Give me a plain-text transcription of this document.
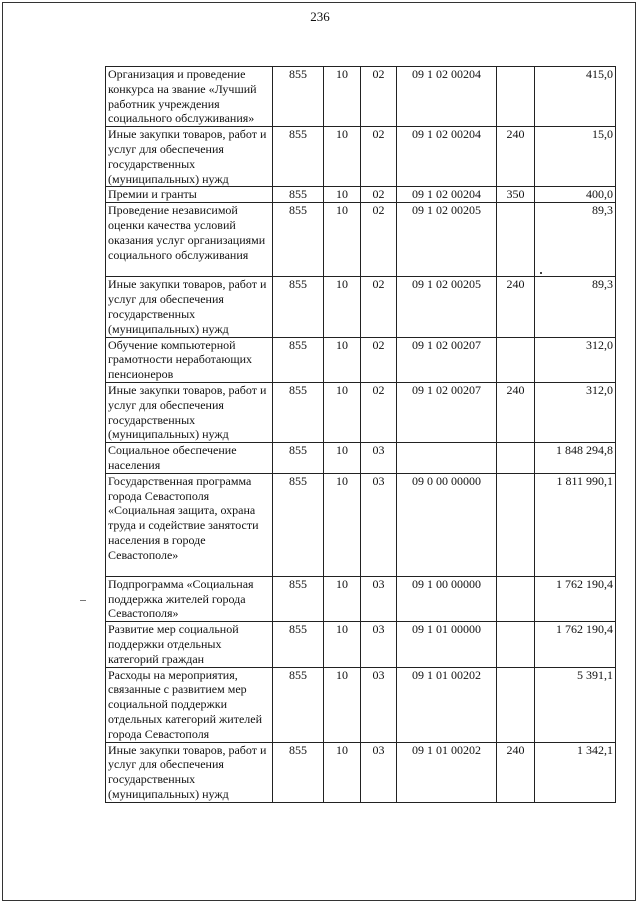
236
Организация и проведение конкурса на звание «Лучший работник учреждения социального обслуживания»	855	10	02	09 1 02 00204		415,0
Иные закупки товаров, работ и услуг для обеспечения государственных (муниципальных) нужд	855	10	02	09 1 02 00204	240	15,0
Премии и гранты	855	10	02	09 1 02 00204	350	400,0
Проведение независимой оценки качества условий оказания услуг организациями социального обслуживания	855	10	02	09 1 02 00205		89,3
Иные закупки товаров, работ и услуг для обеспечения государственных (муниципальных) нужд	855	10	02	09 1 02 00205	240	89,3
Обучение компьютерной грамотности неработающих пенсионеров	855	10	02	09 1 02 00207		312,0
Иные закупки товаров, работ и услуг для обеспечения государственных (муниципальных) нужд	855	10	02	09 1 02 00207	240	312,0
Социальное обеспечение населения	855	10	03			1 848 294,8
Государственная программа города Севастополя «Социальная защита, охрана труда и содействие занятости населения в городе Севастополе»	855	10	03	09 0 00 00000		1 811 990,1
Подпрограмма «Социальная поддержка жителей города Севастополя»	855	10	03	09 1 00 00000		1 762 190,4
Развитие мер социальной поддержки отдельных категорий граждан	855	10	03	09 1 01 00000		1 762 190,4
Расходы на мероприятия, связанные с развитием мер социальной поддержки отдельных категорий жителей города Севастополя	855	10	03	09 1 01 00202		5 391,1
Иные закупки товаров, работ и услуг для обеспечения государственных (муниципальных) нужд	855	10	03	09 1 01 00202	240	1 342,1
